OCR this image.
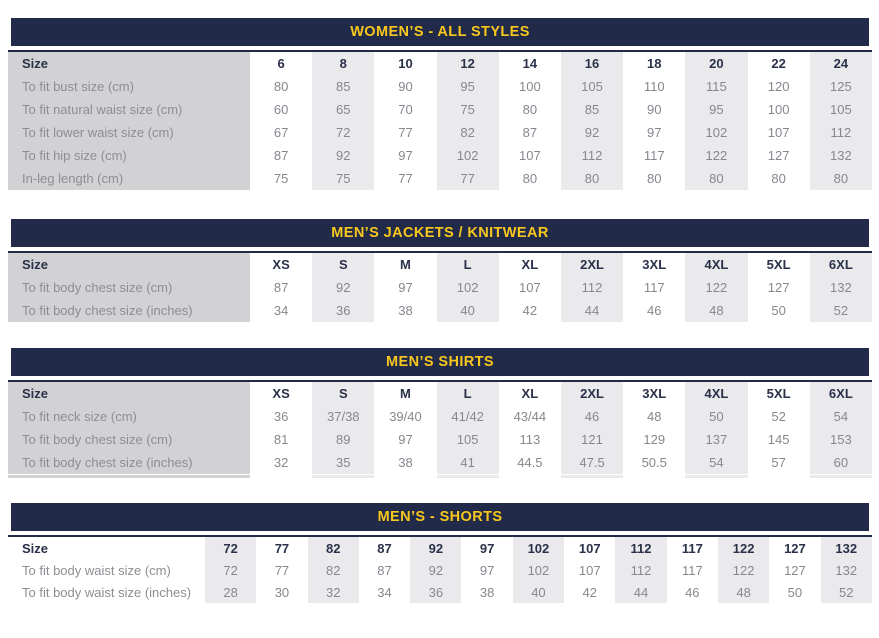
WOMEN’S - ALL STYLES
Size	6	8	10	12	14	16	18	20	22	24
To fit bust size (cm)	80	85	90	95	100	105	110	115	120	125
To fit natural waist size (cm)	60	65	70	75	80	85	90	95	100	105
To fit lower waist size (cm)	67	72	77	82	87	92	97	102	107	112
To fit hip size (cm)	87	92	97	102	107	112	117	122	127	132
In-leg length (cm)	75	75	77	77	80	80	80	80	80	80
MEN’S JACKETS / KNITWEAR
Size	XS	S	M	L	XL	2XL	3XL	4XL	5XL	6XL
To fit body chest size (cm)	87	92	97	102	107	112	117	122	127	132
To fit body chest size (inches)	34	36	38	40	42	44	46	48	50	52
MEN’S SHIRTS
Size	XS	S	M	L	XL	2XL	3XL	4XL	5XL	6XL
To fit neck size (cm)	36	37/38	39/40	41/42	43/44	46	48	50	52	54
To fit body chest size (cm)	81	89	97	105	113	121	129	137	145	153
To fit body chest size (inches)	32	35	38	41	44.5	47.5	50.5	54	57	60

MEN’S - SHORTS
Size	72	77	82	87	92	97	102	107	112	117	122	127	132
To fit body waist size (cm)	72	77	82	87	92	97	102	107	112	117	122	127	132
To fit body waist size (inches)	28	30	32	34	36	38	40	42	44	46	48	50	52
